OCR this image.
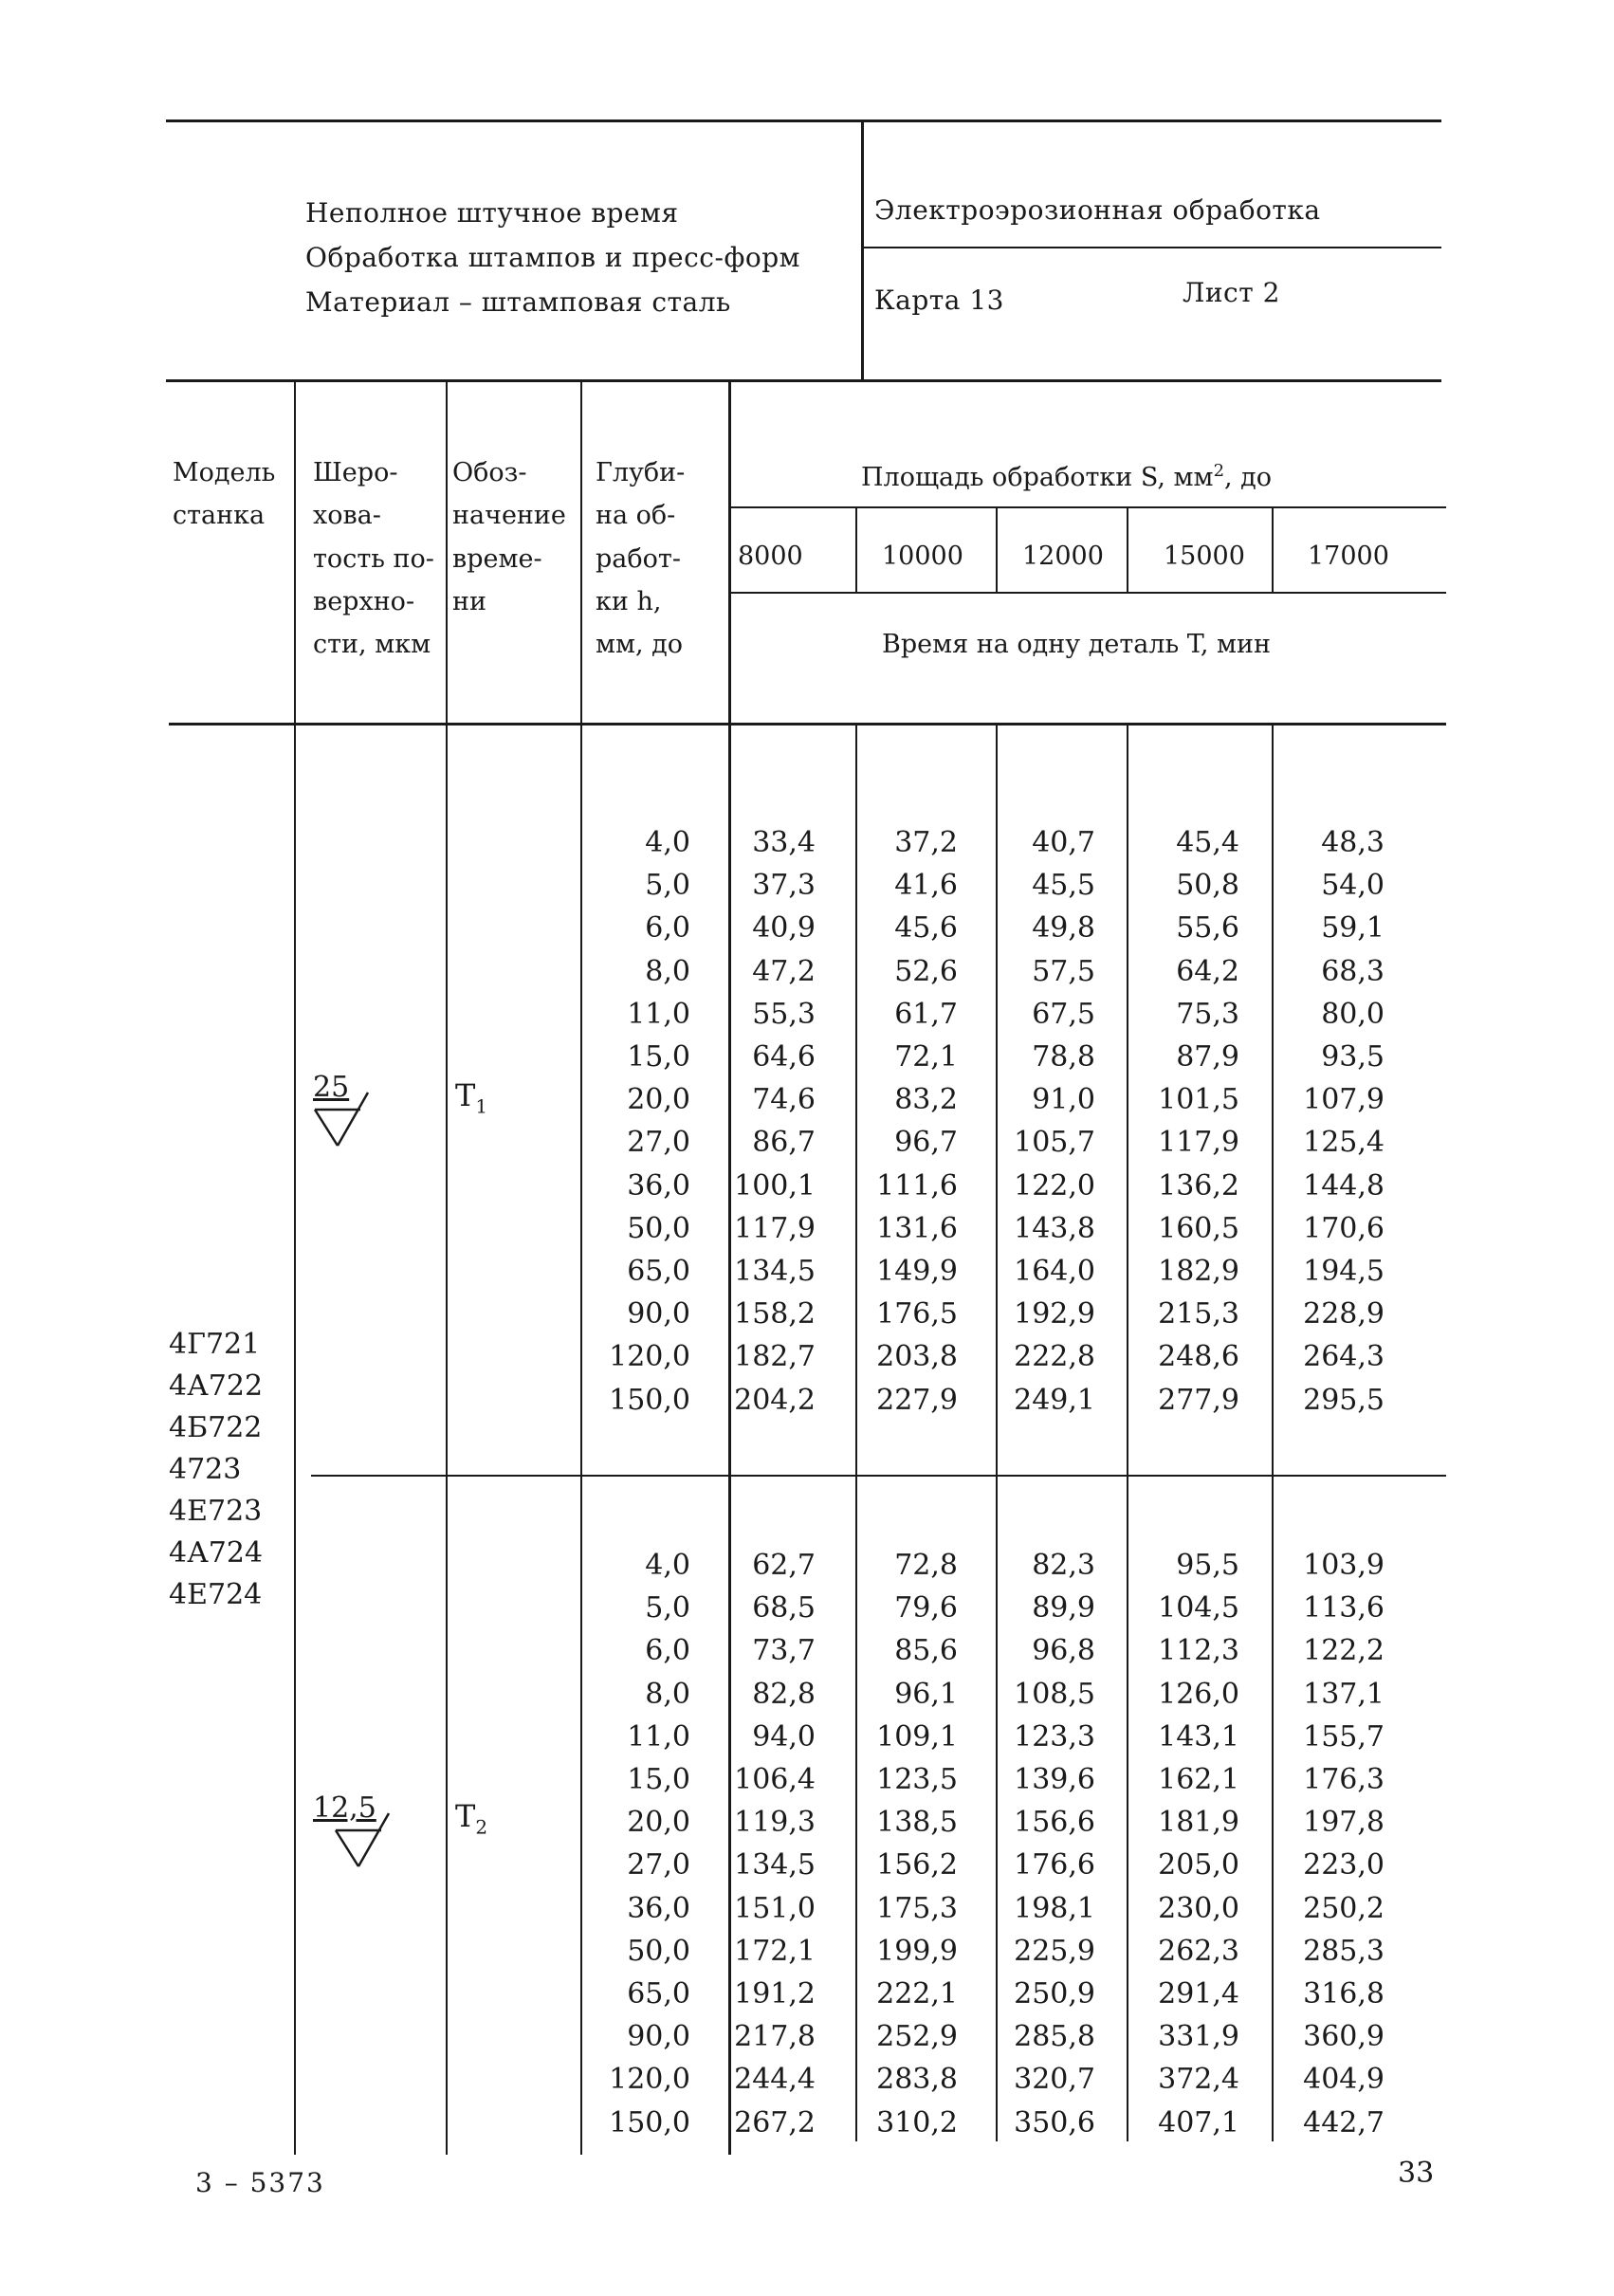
Неполное штучное время
Обработка штампов и пресс-форм
Материал – штамповая сталь
Электроэрозионная обработка
Карта 13	Лист 2
Модель
станка
Шеро-
хова-
тость по-
верхно-
сти, мкм
Обоз-
начение
време-
ни
Глуби-
на об-
работ-
ки h,
мм, до
Площадь обработки S, $мм^2$, до
8000	10000 12000 15000 17000
Время на одну деталь T, мин
4Г721
4А722
4Б722
4723
4Е723
4А724
4Е724
25	$T_1$
12,5	$T_2$
4,0	33,4	37,2	40,7	45,4	48,3
5,0	37,3	41,6	45,5	50,8	54,0
6,0	40,9	45,6	49,8	55,6	59,1
8,0	47,2	52,6	57,5	64,2	68,3
11,0	55,3	61,7	67,5	75,3	80,0
15,0	64,6	72,1	78,8	87,9	93,5
20,0	74,6	83,2	91,0	101,5	107,9
27,0	86,7	96,7	105,7	117,9	125,4
36,0	100,1	111,6	122,0	136,2	144,8
50,0	117,9	131,6	143,8	160,5	170,6
65,0	134,5	149,9	164,0	182,9	194,5
90,0	158,2	176,5	192,9	215,3	228,9
120,0	182,7	203,8	222,8	248,6	264,3
150,0	204,2	227,9	249,1	277,9	295,5
4,0	62,7	72,8	82,3	95,5	103,9
5,0	68,5	79,6	89,9	104,5	113,6
6,0	73,7	85,6	96,8	112,3	122,2
8,0	82,8	96,1	108,5	126,0	137,1
11,0	94,0	109,1	123,3	143,1	155,7
15,0	106,4	123,5	139,6	162,1	176,3
20,0	119,3	138,5	156,6	181,9	197,8
27,0	134,5	156,2	176,6	205,0	223,0
36,0	151,0	175,3	198,1	230,0	250,2
50,0	172,1	199,9	225,9	262,3	285,3
65,0	191,2	222,1	250,9	291,4	316,8
90,0	217,8	252,9	285,8	331,9	360,9
120,0	244,4	283,8	320,7	372,4	404,9
150,0	267,2	310,2	350,6	407,1	442,7
3 – 5373	33
